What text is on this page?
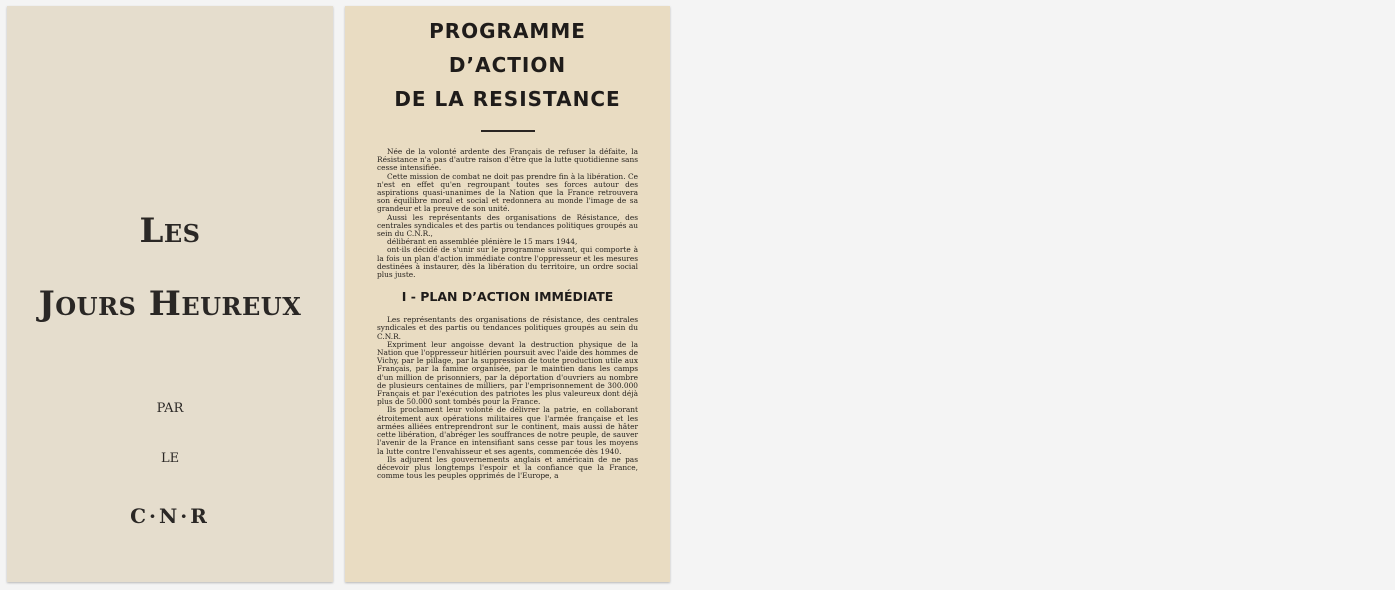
Les
Jours Heureux
PAR
LE
C·N·R
PROGRAMME D’ACTION
DE LA RESISTANCE

Née de la volonté ardente des Français de refuser la défaite, la Résistance n'a pas d'autre raison d'être que la lutte quotidienne sans cesse intensifiée.

Cette mission de combat ne doit pas prendre fin à la libération. Ce n'est en effet qu'en regroupant toutes ses forces autour des aspirations quasi-unanimes de la Nation que la France retrouvera son équilibre moral et social et redonnera au monde l'image de sa grandeur et la preuve de son unité.

Aussi les représentants des organisations de Résistance, des centrales syndicales et des partis ou tendances politiques groupés au sein du C.N.R.,

délibérant en assemblée plénière le 15 mars 1944,

ont-ils décidé de s'unir sur le programme suivant, qui comporte à la fois un plan d'action immédiate contre l'oppresseur et les mesures destinées à instaurer, dès la libération du territoire, un ordre social plus juste.

I - PLAN D’ACTION IMMÉDIATE

Les représentants des organisations de résistance, des centrales syndicales et des partis ou tendances politiques groupés au sein du C.N.R.

Expriment leur angoisse devant la destruction physique de la Nation que l'oppresseur hitlérien poursuit avec l'aide des hommes de Vichy, par le pillage, par la suppression de toute production utile aux Français, par la famine organisée, par le maintien dans les camps d'un million de prisonniers, par la déportation d'ouvriers au nombre de plusieurs centaines de milliers, par l'emprisonnement de 300.000 Français et par l'exécution des patriotes les plus valeureux dont déjà plus de 50.000 sont tombés pour la France.

Ils proclament leur volonté de délivrer la patrie, en collaborant étroitement aux opérations militaires que l'armée française et les armées alliées entreprendront sur le continent, mais aussi de hâter cette libération, d'abréger les souffrances de notre peuple, de sauver l'avenir de la France en intensifiant sans cesse par tous les moyens la lutte contre l'envahisseur et ses agents, commencée dès 1940.

Ils adjurent les gouvernements anglais et américain de ne pas décevoir plus longtemps l'espoir et la confiance que la France, comme tous les peuples opprimés de l'Europe, a
